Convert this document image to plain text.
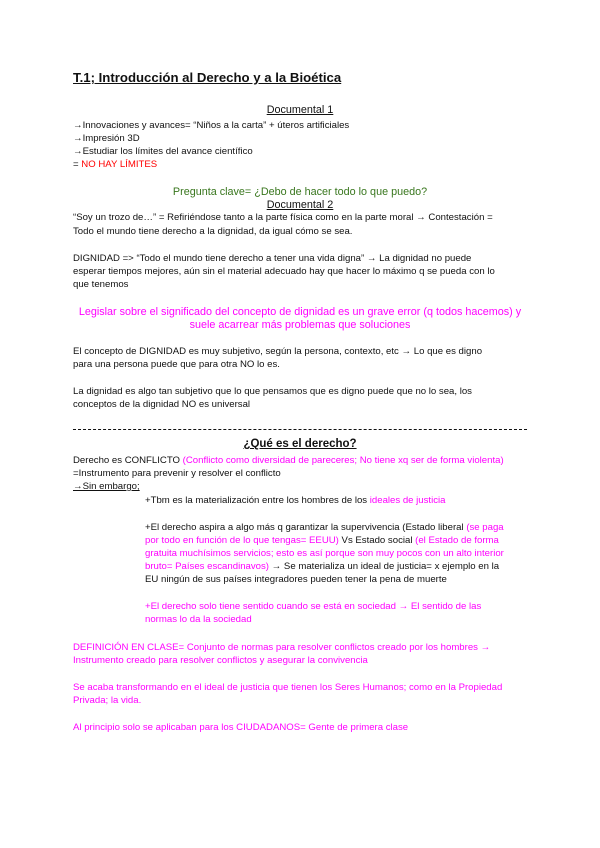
T.1; Introducción al Derecho y a la Bioética
Documental 1
→Innovaciones y avances= “Niños a la carta” + úteros artificiales
→Impresión 3D
→Estudiar los límites del avance científico
= NO HAY LÍMITES
Pregunta clave= ¿Debo de hacer todo lo que puedo?
Documental 2
“Soy un trozo de…” = Refiriéndose tanto a la parte física como en la parte moral → Contestación =
Todo el mundo tiene derecho a la dignidad, da igual cómo se sea.
DIGNIDAD => “Todo el mundo tiene derecho a tener una vida digna” → La dignidad no puede
esperar tiempos mejores, aún sin el material adecuado hay que hacer lo máximo q se pueda con lo
que tenemos
Legislar sobre el significado del concepto de dignidad es un grave error (q todos hacemos) y
suele acarrear más problemas que soluciones
El concepto de DIGNIDAD es muy subjetivo, según la persona, contexto, etc → Lo que es digno
para una persona puede que para otra NO lo es.
La dignidad es algo tan subjetivo que lo que pensamos que es digno puede que no lo sea, los
conceptos de la dignidad NO es universal
¿Qué es el derecho?
Derecho es CONFLICTO (Conflicto como diversidad de pareceres; No tiene xq ser de forma violenta)
=Instrumento para prevenir y resolver el conflicto
→Sin embargo;
+Tbm es la materialización entre los hombres de los ideales de justicia
+El derecho aspira a algo más q garantizar la supervivencia (Estado liberal (se paga
por todo en función de lo que tengas= EEUU) Vs Estado social (el Estado de forma
gratuita muchísimos servicios; esto es así porque son muy pocos con un alto interior
bruto= Países escandinavos) → Se materializa un ideal de justicia= x ejemplo en la
EU ningún de sus países integradores pueden tener la pena de muerte
+El derecho solo tiene sentido cuando se está en sociedad → El sentido de las
normas lo da la sociedad
DEFINICIÓN EN CLASE= Conjunto de normas para resolver conflictos creado por los hombres →
Instrumento creado para resolver conflictos y asegurar la convivencia
Se acaba transformando en el ideal de justicia que tienen los Seres Humanos; como en la Propiedad
Privada; la vida.
Al principio solo se aplicaban para los CIUDADANOS= Gente de primera clase
